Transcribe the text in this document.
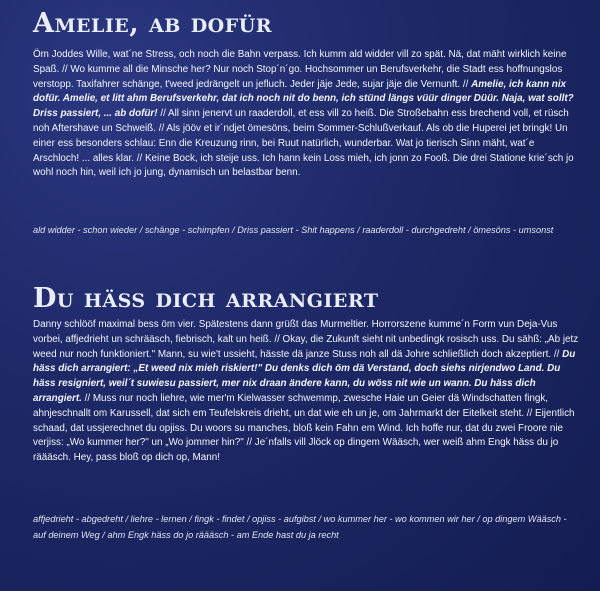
Amelie, ab dofür

Öm Joddes Wille, wat´ne Stress, och noch die Bahn verpass. Ich kumm ald widder vill zo spät. Nä, dat mäht wirklich keine Spaß. // Wo kumme all die Minsche her? Nur noch Stop´n´go. Hochsommer un Berufsverkehr, die Stadt ess hoffnungslos verstopp. Taxifahrer schänge, t'weed jedrängelt un jefluch. Jeder jäje Jede, sujar jäje die Vernunft. // Amelie, ich kann nix dofür. Amelie, et litt ahm Berufsverkehr, dat ich noch nit do benn, ich stünd längs vüür dinger Düür. Naja, wat sollt? Driss passiert, ... ab dofür! // All sinn jenervt un raaderdoll, et ess vill zo heiß. Die Stroßebahn ess brechend voll, et rüsch noh Aftershave un Schweiß. // Als jööv et ir´ndjet ömesöns, beim Sommer-Schlußverkauf. Als ob die Huperei jet bringk! Un einer ess besonders schlau: Enn die Kreuzung rinn, bei Ruut natürlich, wunderbar. Wat jo tierisch Sinn mäht, wat´e Arschloch! ... alles klar. // Keine Bock, ich steije uss. Ich hann kein Loss mieh, ich jonn zo Fooß. Die drei Statione krie´sch jo wohl noch hin, weil ich jo jung, dynamisch un belastbar benn.

ald widder - schon wieder / schänge - schimpfen / Driss passiert - Shit happens / raaderdoll - durchgedreht / ömesöns - umsonst

Du häss dich arrangiert

Danny schlööf maximal bess öm vier. Spätestens dann grüßt das Murmeltier. Horrorszene kumme´n Form vun Deja-Vus vorbei, affjedrieht un schrääsch, fiebrisch, kalt un heiß. // Okay, die Zukunft sieht nit unbedingk rosisch uss. Du sähß: „Ab jetz weed nur noch funktioniert." Mann, su wie't ussieht, hässte dä janze Stuss noh all dä Johre schließlich doch akzeptiert. // Du häss dich arrangiert: „Et weed nix mieh riskiert!" Du denks dich öm dä Verstand, doch siehs nirjendwo Land. Du häss resigniert, weil´t suwiesu passiert, mer nix draan ändere kann, du wöss nit wie un wann. Du häss dich arrangiert. // Muss nur noch liehre, wie mer'm Kielwasser schwemmp, zwesche Haie un Geier dä Windschatten fingk, ahnjeschnallt om Karussell, dat sich em Teufelskreis drieht, un dat wie eh un je, om Jahrmarkt der Eitelkeit steht. // Eijentlich schaad, dat ussjerechnet du opjiss. Du woors su manches, bloß kein Fahn em Wind. Ich hoffe nur, dat du zwei Froore nie verjiss: „Wo kummer her?" un „Wo jommer hin?" // Je´nfalls vill Jlöck op dingem Wääsch, wer weiß ahm Engk häss du jo räääsch. Hey, pass bloß op dich op, Mann!

affjedrieht - abgedreht / liehre - lernen / fingk - findet / opjiss - aufgibst / wo kummer her - wo kommen wir her / op dingem Wääsch - auf deinem Weg / ahm Engk häss do jo räääsch - am Ende hast du ja recht
